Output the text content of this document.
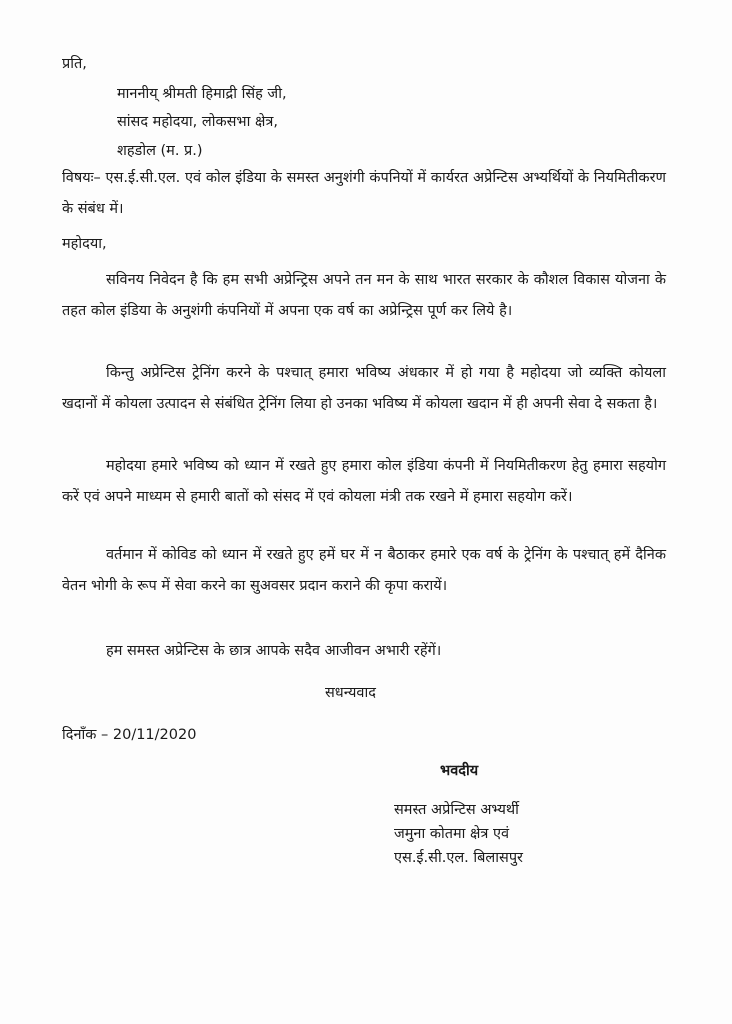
प्रति,
माननीय् श्रीमती हिमाद्री सिंह जी,
सांसद महोदया, लोकसभा क्षेत्र,
शहडोल (म. प्र.)
विषयः– एस.ई.सी.एल. एवं कोल इंडिया के समस्त अनुशंगी कंपनियों में कार्यरत अप्रेन्टिस अभ्यर्थियों के नियमितीकरण के संबंध में।
महोदया,
सविनय निवेदन है कि हम सभी अप्रेन्ट्रिस अपने तन मन के साथ भारत सरकार के कौशल विकास योजना के तहत कोल इंडिया के अनुशंगी कंपनियों में अपना एक वर्ष का अप्रेन्ट्रिस पूर्ण कर लिये है।
किन्तु अप्रेन्टिस ट्रेनिंग करने के पश्चात् हमारा भविष्य अंधकार में हो गया है महोदया जो व्यक्ति कोयला खदानों में कोयला उत्पादन से संबंधित ट्रेनिंग लिया हो उनका भविष्य में कोयला खदान में ही अपनी सेवा दे सकता है।
महोदया हमारे भविष्य को ध्यान में रखते हुए हमारा कोल इंडिया कंपनी में नियमितीकरण हेतु हमारा सहयोग करें एवं अपने माध्यम से हमारी बातों को संसद में एवं कोयला मंत्री तक रखने में हमारा सहयोग करें।
वर्तमान में कोविड को ध्यान में रखते हुए हमें घर में न बैठाकर हमारे एक वर्ष के ट्रेनिंग के पश्चात् हमें दैनिक वेतन भोगी के रूप में सेवा करने का सुअवसर प्रदान कराने की कृपा करायें।
हम समस्त अप्रेन्टिस के छात्र आपके सदैव आजीवन अभारी रहेंगें।
सधन्यवाद
दिनाँक – 20/11/2020
भवदीय
समस्त अप्रेन्टिस अभ्यर्थी
जमुना कोतमा क्षेत्र एवं
एस.ई.सी.एल. बिलासपुर
